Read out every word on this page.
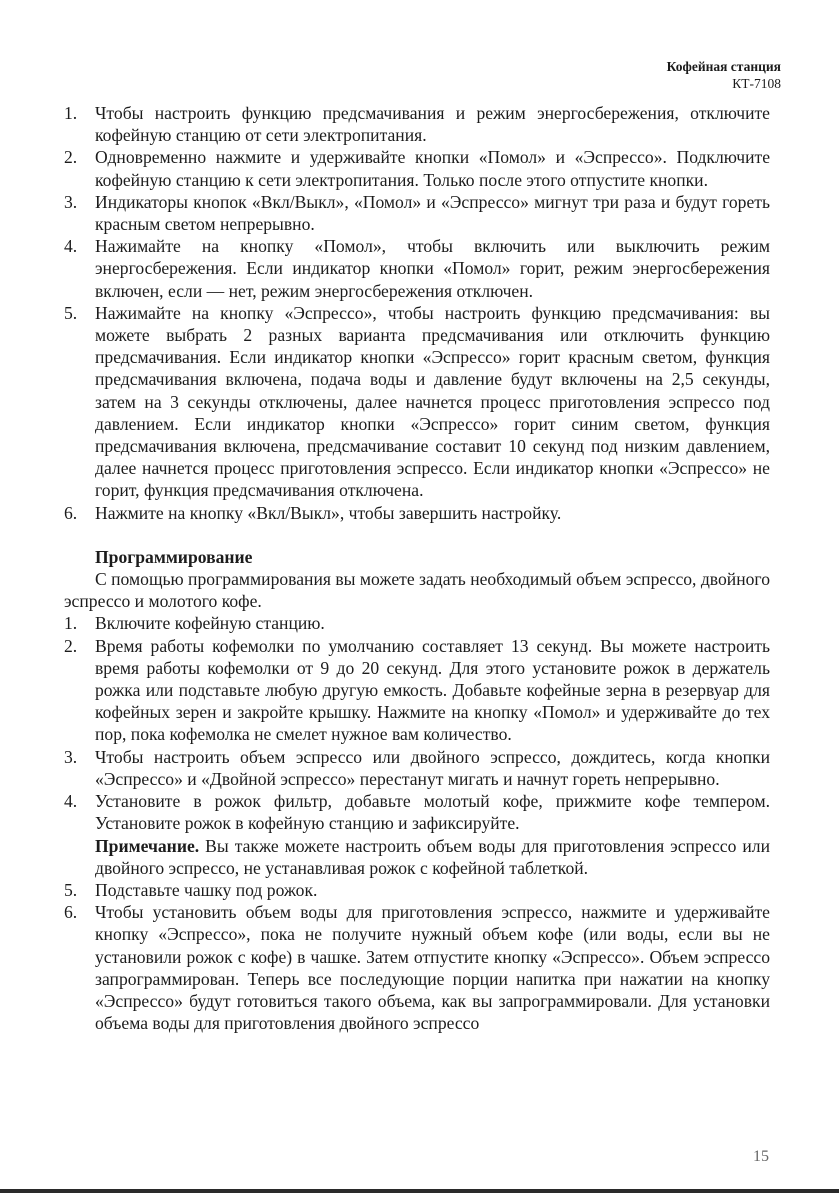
Кофейная станция
КТ-7108
1. Чтобы настроить функцию предсмачивания и режим энергосбережения, отключите кофейную станцию от сети электропитания.
2. Одновременно нажмите и удерживайте кнопки «Помол» и «Эспрессо». Подключите кофейную станцию к сети электропитания. Только после этого отпустите кнопки.
3. Индикаторы кнопок «Вкл/Выкл», «Помол» и «Эспрессо» мигнут три раза и будут гореть красным светом непрерывно.
4. Нажимайте на кнопку «Помол», чтобы включить или выключить режим энергосбережения. Если индикатор кнопки «Помол» горит, режим энергосбережения включен, если — нет, режим энергосбережения отключен.
5. Нажимайте на кнопку «Эспрессо», чтобы настроить функцию предсмачивания: вы можете выбрать 2 разных варианта предсмачивания или отключить функцию предсмачивания. Если индикатор кнопки «Эспрессо» горит красным светом, функция предсмачивания включена, подача воды и давление будут включены на 2,5 секунды, затем на 3 секунды отключены, далее начнется процесс приготовления эспрессо под давлением. Если индикатор кнопки «Эспрессо» горит синим светом, функция предсмачивания включена, предсмачивание составит 10 секунд под низким давлением, далее начнется процесс приготовления эспрессо. Если индикатор кнопки «Эспрессо» не горит, функция предсмачивания отключена.
6. Нажмите на кнопку «Вкл/Выкл», чтобы завершить настройку.
Программирование
С помощью программирования вы можете задать необходимый объем эспрессо, двойного эспрессо и молотого кофе.
1. Включите кофейную станцию.
2. Время работы кофемолки по умолчанию составляет 13 секунд. Вы можете настроить время работы кофемолки от 9 до 20 секунд. Для этого установите рожок в держатель рожка или подставьте любую другую емкость. Добавьте кофейные зерна в резервуар для кофейных зерен и закройте крышку. Нажмите на кнопку «Помол» и удерживайте до тех пор, пока кофемолка не смелет нужное вам количество.
3. Чтобы настроить объем эспрессо или двойного эспрессо, дождитесь, когда кнопки «Эспрессо» и «Двойной эспрессо» перестанут мигать и начнут гореть непрерывно.
4. Установите в рожок фильтр, добавьте молотый кофе, прижмите кофе темпером. Установите рожок в кофейную станцию и зафиксируйте.
Примечание. Вы также можете настроить объем воды для приготовления эспрессо или двойного эспрессо, не устанавливая рожок с кофейной таблеткой.
5. Подставьте чашку под рожок.
6. Чтобы установить объем воды для приготовления эспрессо, нажмите и удерживайте кнопку «Эспрессо», пока не получите нужный объем кофе (или воды, если вы не установили рожок с кофе) в чашке. Затем отпустите кнопку «Эспрессо». Объем эспрессо запрограммирован. Теперь все последующие порции напитка при нажатии на кнопку «Эспрессо» будут готовиться такого объема, как вы запрограммировали. Для установки объема воды для приготовления двойного эспрессо
15
